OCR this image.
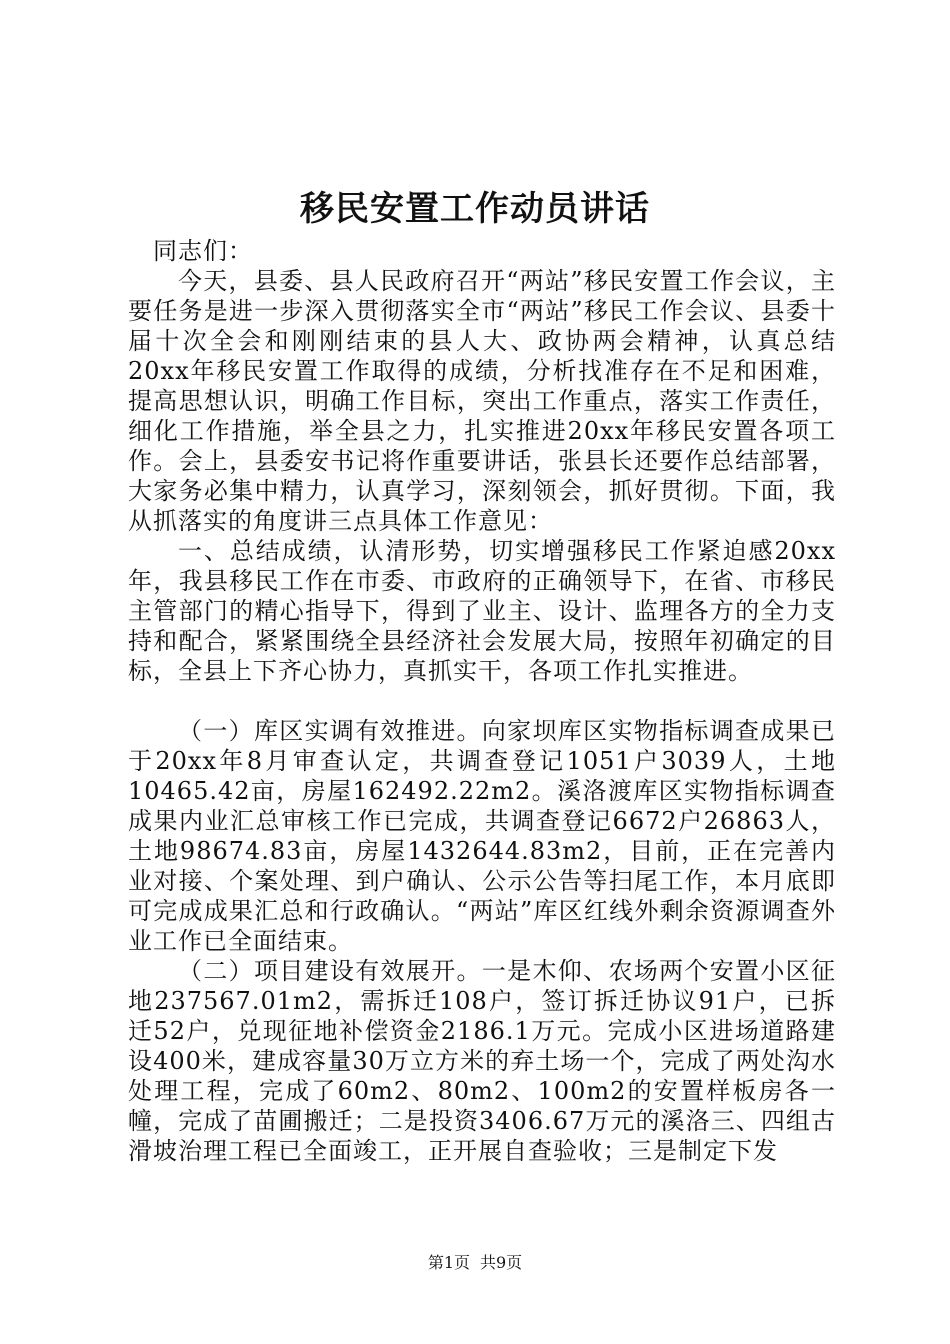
移民安置工作动员讲话

同志们：

今天，县委、县人民政府召开“两站”移民安置工作会议，主要任务是进一步深入贯彻落实全市“两站”移民工作会议、县委十届十次全会和刚刚结束的县人大、政协两会精神，认真总结20xx年移民安置工作取得的成绩，分析找准存在不足和困难，提高思想认识，明确工作目标，突出工作重点，落实工作责任，细化工作措施，举全县之力，扎实推进20xx年移民安置各项工作。会上，县委安书记将作重要讲话，张县长还要作总结部署，大家务必集中精力，认真学习，深刻领会，抓好贯彻。下面，我从抓落实的角度讲三点具体工作意见：

一、总结成绩，认清形势，切实增强移民工作紧迫感20xx年，我县移民工作在市委、市政府的正确领导下，在省、市移民主管部门的精心指导下，得到了业主、设计、监理各方的全力支持和配合，紧紧围绕全县经济社会发展大局，按照年初确定的目标，全县上下齐心协力，真抓实干，各项工作扎实推进。

（一）库区实调有效推进。向家坝库区实物指标调查成果已于20xx年8月审查认定，共调查登记1051户3039人，土地10465.42亩，房屋162492.22m2。溪洛渡库区实物指标调查成果内业汇总审核工作已完成，共调查登记6672户26863人，土地98674.83亩，房屋1432644.83m2，目前，正在完善内业对接、个案处理、到户确认、公示公告等扫尾工作，本月底即可完成成果汇总和行政确认。“两站”库区红线外剩余资源调查外业工作已全面结束。

（二）项目建设有效展开。一是木仰、农场两个安置小区征地237567.01m2，需拆迁108户，签订拆迁协议91户，已拆迁52户，兑现征地补偿资金2186.1万元。完成小区进场道路建设400米，建成容量30万立方米的弃土场一个，完成了两处沟水处理工程，完成了60m2、80m2、100m2的安置样板房各一幢，完成了苗圃搬迁；二是投资3406.67万元的溪洛三、四组古滑坡治理工程已全面竣工，正开展自查验收；三是制定下发

第1页 共9页
